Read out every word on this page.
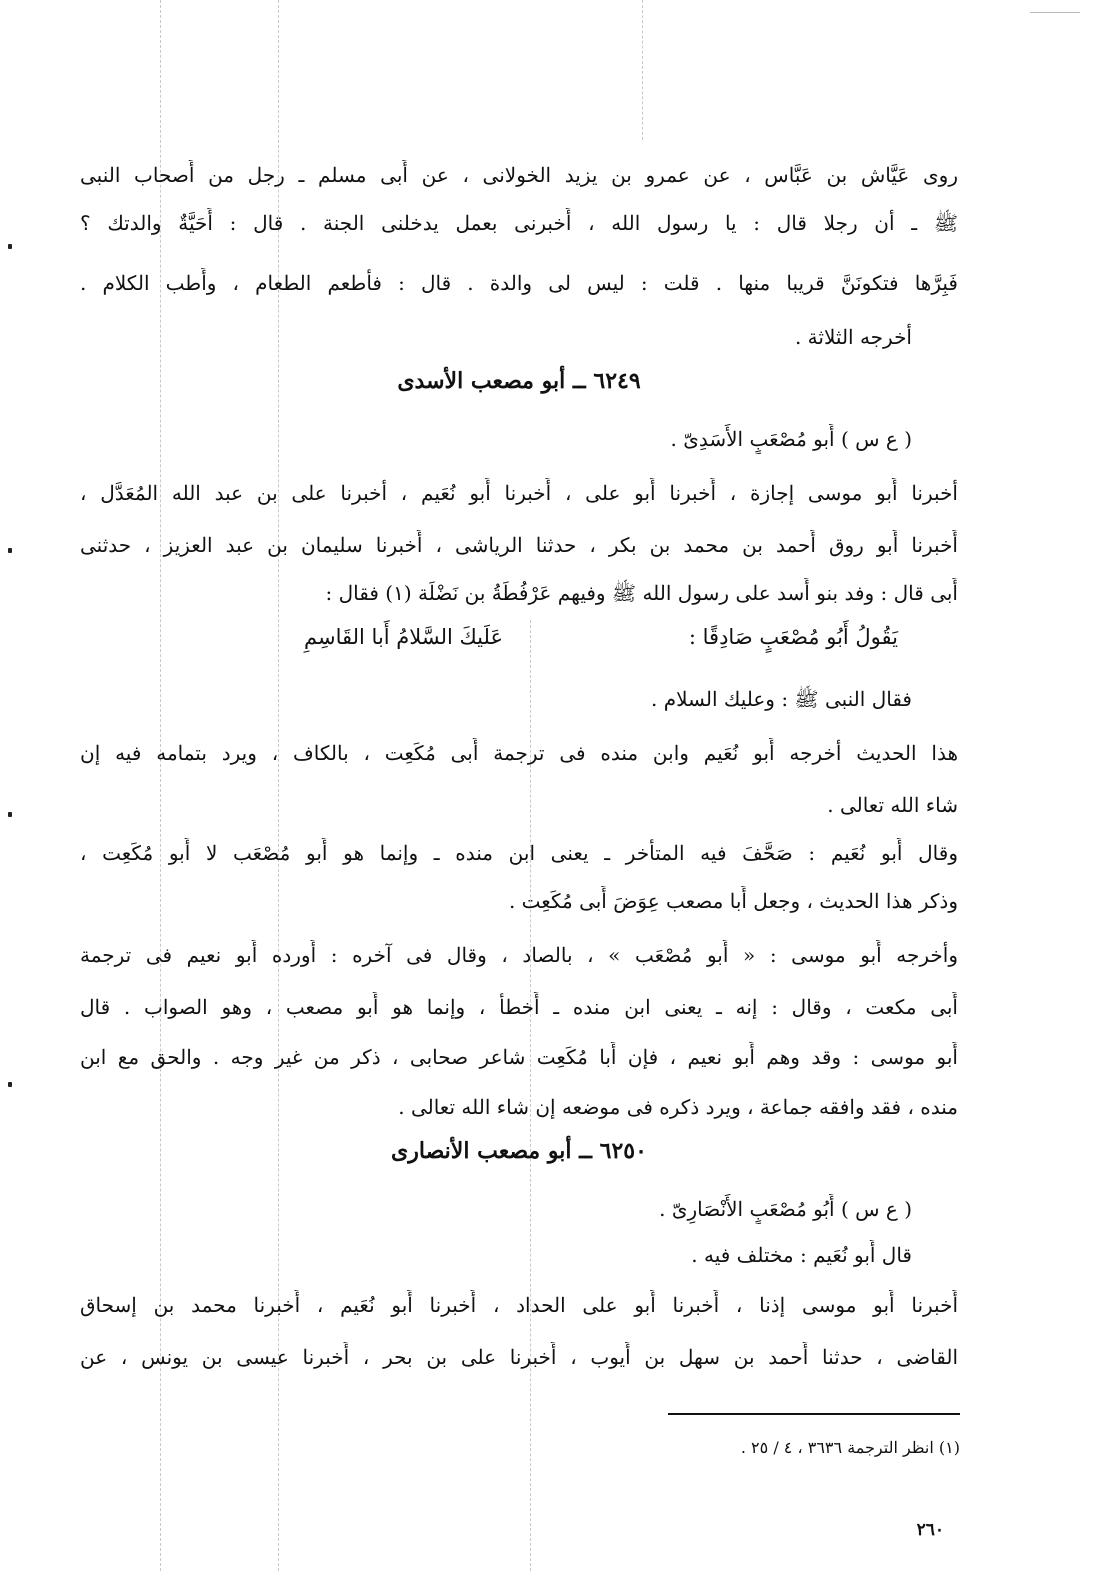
روى عَيَّاش بن عَبَّاس ، عن عمرو بن يزيد الخولانى ، عن أَبى مسلم ـ رجل من أَصحاب النبى
ﷺ ـ أن رجلا قال : يا رسول الله ، أَخبرنى بعمل يدخلنى الجنة . قال : أَحَيَّةٌ والدتك ؟
فَبِرَّها فتكونَنَّ قريبا منها . قلت : ليس لى والدة . قال : فأَطعم الطعام ، وأَطب الكلام .
أخرجه الثلاثة .
٦٢٤٩ ــ أبو مصعب الأسدى
( ع س ) أَبو مُصْعَبٍ الأَسَدِىّ .
أخبرنا أَبو موسى إجازة ، أَخبرنا أَبو على ، أَخبرنا أَبو نُعَيم ، أخبرنا على بن عبد الله المُعَدَّل ،
أَخبرنا أَبو روق أَحمد بن محمد بن بكر ، حدثنا الرياشى ، أَخبرنا سليمان بن عبد العزيز ، حدثنى
أَبى قال : وفد بنو أَسد على رسول الله ﷺ وفيهم عَرْفُطَةُ بن نَضْلَة (١) فقال :
يَقُولُ أَبُو مُصْعَبٍ صَادِقًا :
عَلَيكَ السَّلامُ أَبا القَاسِمِ
فقال النبى ﷺ : وعليك السلام .
هذا الحديث أخرجه أَبو نُعَيم وابن منده فى ترجمة أَبى مُكَعِت ، بالكاف ، ويرد بتمامه فيه إن
شاء الله تعالى .
وقال أَبو نُعَيم : صَحَّفَ فيه المتأَخر ـ يعنى ابن منده ـ وإنما هو أَبو مُصْعَب لا أَبو مُكَعِت ،
وذكر هذا الحديث ، وجعل أَبا مصعب عِوَضَ أَبى مُكَعِت .
وأخرجه أَبو موسى : « أَبو مُصْعَب » ، بالصاد ، وقال فى آخره : أَورده أَبو نعيم فى ترجمة
أَبى مكعت ، وقال : إنه ـ يعنى ابن منده ـ أَخطأَ ، وإنما هو أَبو مصعب ، وهو الصواب . قال
أَبو موسى : وقد وهم أَبو نعيم ، فإن أَبا مُكَعِت شاعر صحابى ، ذكر من غير وجه . والحق مع ابن
منده ، فقد وافقه جماعة ، ويرد ذكره فى موضعه إن شاء الله تعالى .
٦٢٥٠ ــ أبو مصعب الأنصارى
( ع س ) أَبُو مُصْعَبٍ الأَنْصَارِىّ .
قال أَبو نُعَيم : مختلف فيه .
أَخبرنا أَبو موسى إذنا ، أَخبرنا أَبو على الحداد ، أَخبرنا أَبو نُعَيم ، أَخبرنا محمد بن إسحاق
القاضى ، حدثنا أَحمد بن سهل بن أَيوب ، أَخبرنا على بن بحر ، أَخبرنا عيسى بن يونس ، عن
(١) انظر الترجمة ٣٦٣٦ ، ٤ / ٢٥ .
٢٦٠
